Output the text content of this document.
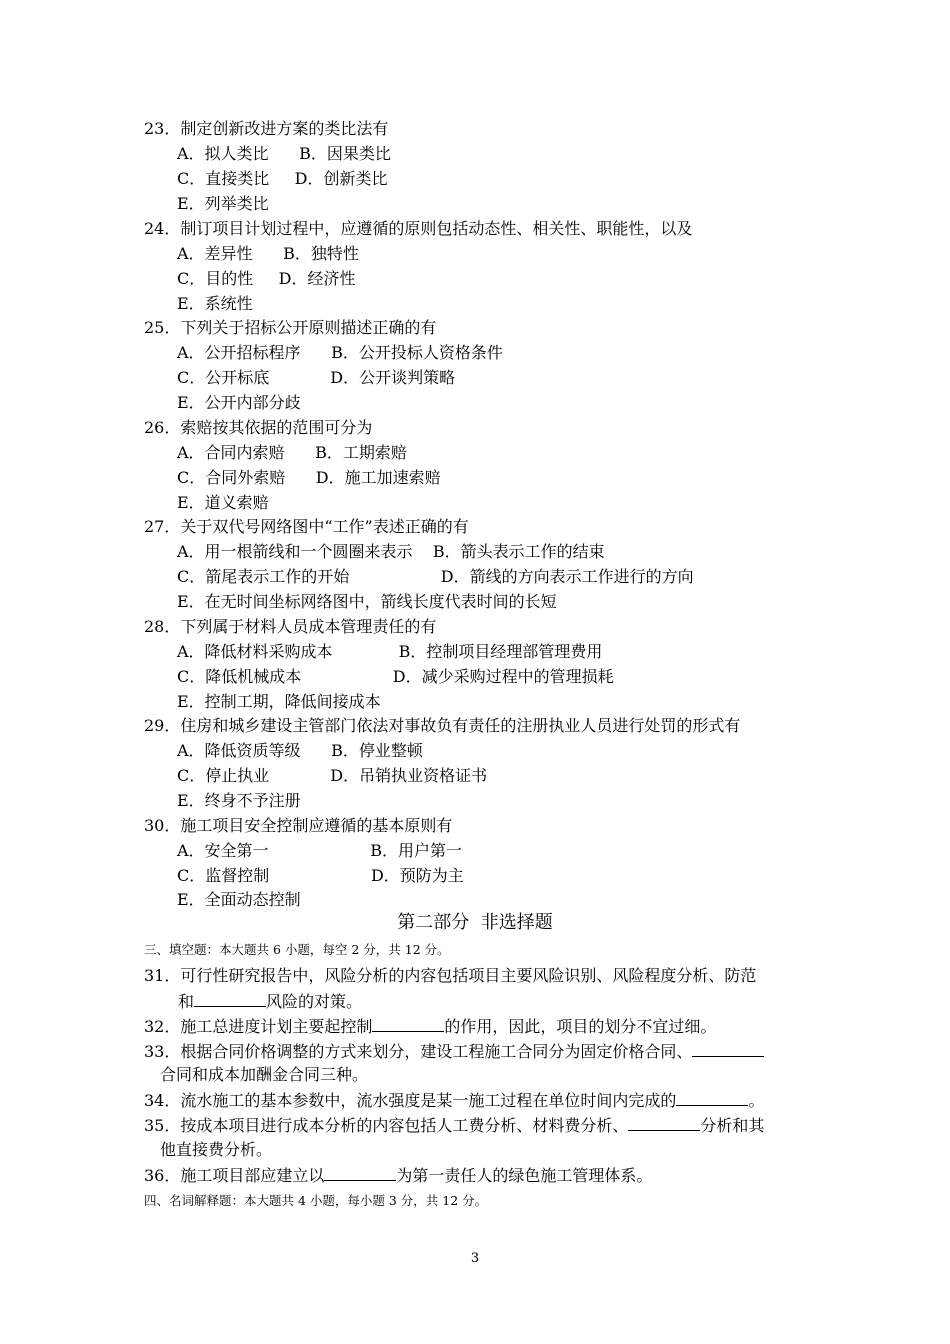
23．制定创新改进方案的类比法有
A．拟人类比      B．因果类比
C．直接类比     D．创新类比
E．列举类比
24．制订项目计划过程中，应遵循的原则包括动态性、相关性、职能性，以及
A．差异性      B．独特性
C．目的性     D．经济性
E．系统性
25．下列关于招标公开原则描述正确的有
A．公开招标程序      B．公开投标人资格条件
C．公开标底            D．公开谈判策略
E．公开内部分歧
26．索赔按其依据的范围可分为
A．合同内索赔      B．工期索赔
C．合同外索赔      D．施工加速索赔
E．道义索赔
27．关于双代号网络图中“工作”表述正确的有
A．用一根箭线和一个圆圈来表示    B．箭头表示工作的结束
C．箭尾表示工作的开始                  D．箭线的方向表示工作进行的方向
E．在无时间坐标网络图中，箭线长度代表时间的长短
28．下列属于材料人员成本管理责任的有
A．降低材料采购成本             B．控制项目经理部管理费用
C．降低机械成本                  D．减少采购过程中的管理损耗
E．控制工期，降低间接成本
29．住房和城乡建设主管部门依法对事故负有责任的注册执业人员进行处罚的形式有
A．降低资质等级      B．停业整顿
C．停止执业            D．吊销执业资格证书
E．终身不予注册
30．施工项目安全控制应遵循的基本原则有
A．安全第一                    B．用户第一
C．监督控制                    D．预防为主
E．全面动态控制
第二部分  非选择题
三、填空题：本大题共 6 小题，每空 2 分，共 12 分。
31．可行性研究报告中，风险分析的内容包括项目主要风险识别、风险程度分析、防范
和	风险的对策。
32．施工总进度计划主要起控制	的作用，因此，项目的划分不宜过细。
33．根据合同价格调整的方式来划分，建设工程施工合同分为固定价格合同、
合同和成本加酬金合同三种。
34．流水施工的基本参数中，流水强度是某一施工过程在单位时间内完成的	。
35．按成本项目进行成本分析的内容包括人工费分析、材料费分析、	分析和其
他直接费分析。
36．施工项目部应建立以	为第一责任人的绿色施工管理体系。
四、名词解释题：本大题共 4 小题，每小题 3 分，共 12 分。
3
